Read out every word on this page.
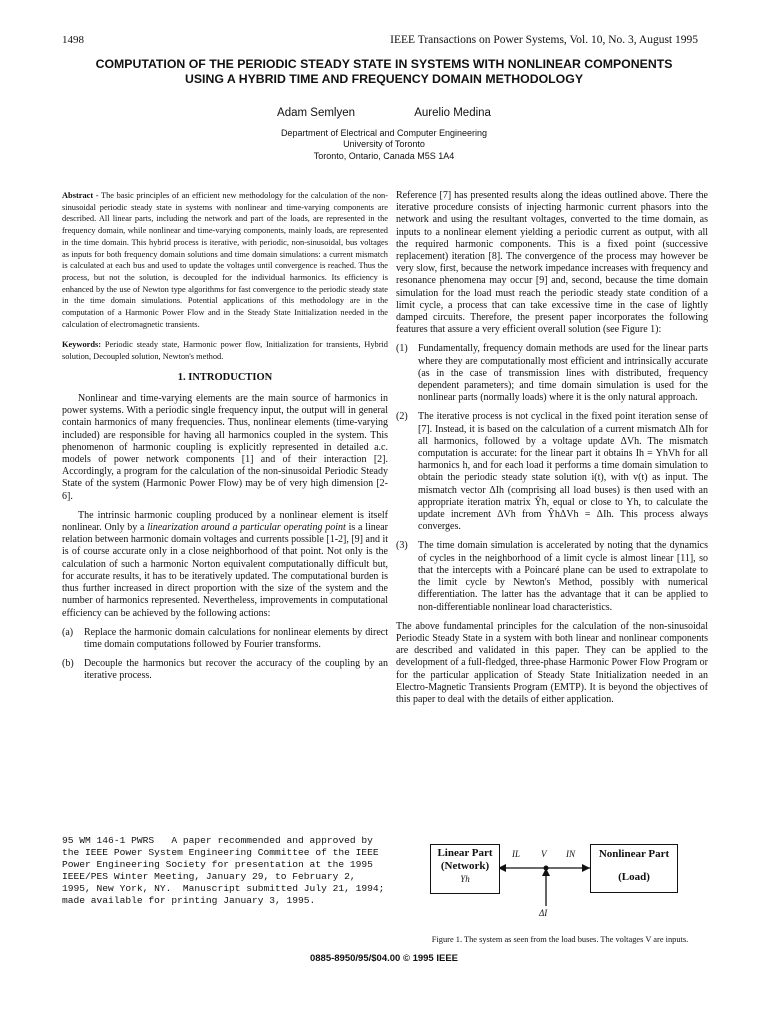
1498	IEEE Transactions on Power Systems, Vol. 10, No. 3, August 1995
COMPUTATION OF THE PERIODIC STEADY STATE IN SYSTEMS WITH NONLINEAR COMPONENTS
USING A HYBRID TIME AND FREQUENCY DOMAIN METHODOLOGY
Adam Semlyen	Aurelio Medina
Department of Electrical and Computer Engineering
University of Toronto
Toronto, Ontario, Canada M5S 1A4

Abstract - The basic principles of an efficient new methodology for the calculation of the non-sinusoidal periodic steady state in systems with nonlinear and time-varying components are described. All linear parts, including the network and part of the loads, are represented in the frequency domain, while nonlinear and time-varying components, mainly loads, are represented in the time domain. This hybrid process is iterative, with periodic, non-sinusoidal, bus voltages as inputs for both frequency domain solutions and time domain simulations: a current mismatch is calculated at each bus and used to update the voltages until convergence is reached. Thus the process, but not the solution, is decoupled for the individual harmonics. Its efficiency is enhanced by the use of Newton type algorithms for fast convergence to the periodic steady state in the time domain simulations. Potential applications of this methodology are in the computation of a Harmonic Power Flow and in the Steady State Initialization needed in the calculation of electromagnetic transients.

Keywords: Periodic steady state, Harmonic power flow, Initialization for transients, Hybrid solution, Decoupled solution, Newton's method.

1. INTRODUCTION

Nonlinear and time-varying elements are the main source of harmonics in power systems. With a periodic single frequency input, the output will in general contain harmonics of many frequencies. Thus, nonlinear elements (time-varying included) are responsible for having all harmonics coupled in the system. This phenomenon of harmonic coupling is explicitly represented in detailed a.c. models of power network components [1] and of their interaction [2]. Accordingly, a program for the calculation of the non-sinusoidal Periodic Steady State of the system (Harmonic Power Flow) may be of very high dimension [2-6].

The intrinsic harmonic coupling produced by a nonlinear element is itself nonlinear. Only by a linearization around a particular operating point is a linear relation between harmonic domain voltages and currents possible [1-2], [9] and it is of course accurate only in a close neighborhood of that point. Not only is the calculation of such a harmonic Norton equivalent computationally difficult but, for accurate results, it has to be iteratively updated. The computational burden is thus further increased in direct proportion with the size of the system and the number of harmonics represented. Nevertheless, improvements in computational efficiency can be achieved by the following actions:

(a)	Replace the harmonic domain calculations for nonlinear elements by direct time domain computations followed by Fourier transforms.
(b)	Decouple the harmonics but recover the accuracy of the coupling by an iterative process.
95 WM 146-1 PWRS   A paper recommended and approved by the IEEE Power System Engineering Committee of the IEEE Power Engineering Society for presentation at the 1995 IEEE/PES Winter Meeting, January 29, to February 2, 1995, New York, NY.  Manuscript submitted July 21, 1994; made available for printing January 3, 1995.

Reference [7] has presented results along the ideas outlined above. There the iterative procedure consists of injecting harmonic current phasors into the network and using the resultant voltages, converted to the time domain, as inputs to a nonlinear element yielding a periodic current as output, with all the required harmonic components. This is a fixed point (successive replacement) iteration [8]. The convergence of the process may however be very slow, first, because the network impedance increases with frequency and resonance phenomena may occur [9] and, second, because the time domain simulation for the load must reach the periodic steady state condition of a limit cycle, a process that can take excessive time in the case of lightly damped circuits. Therefore, the present paper incorporates the following features that assure a very efficient overall solution (see Figure 1):

(1)	Fundamentally, frequency domain methods are used for the linear parts where they are computationally most efficient and intrinsically accurate (as in the case of transmission lines with distributed, frequency dependent parameters); and time domain simulation is used for the nonlinear parts (normally loads) where it is the only natural approach.
(2)	The iterative process is not cyclical in the fixed point iteration sense of [7]. Instead, it is based on the calculation of a current mismatch ΔIh for all harmonics, followed by a voltage update ΔVh. The mismatch computation is accurate: for the linear part it obtains Ih = YhVh for all harmonics h, and for each load it performs a time domain simulation to obtain the periodic steady state solution i(t), with v(t) as input. The mismatch vector ΔIh (comprising all load buses) is then used with an appropriate iteration matrix Ŷh, equal or close to Yh, to calculate the update increment ΔVh from ŶhΔVh = ΔIh. This process always converges.
(3)	The time domain simulation is accelerated by noting that the dynamics of cycles in the neighborhood of a limit cycle is almost linear [11], so that the intercepts with a Poincaré plane can be used to extrapolate to the limit cycle by Newton's Method, possibly with numerical differentiation. The latter has the advantage that it can be applied to non-differentiable nonlinear load characteristics.

The above fundamental principles for the calculation of the non-sinusoidal Periodic Steady State in a system with both linear and nonlinear components are described and validated in this paper. They can be applied to the development of a full-fledged, three-phase Harmonic Power Flow Program or for the particular application of Steady State Initialization needed in an Electro-Magnetic Transients Program (EMTP). It is beyond the objectives of this paper to deal with the details of either application.

Linear Part
(Network)
Yh
Nonlinear Part
(Load)
IL V IN
ΔI
Figure 1. The system as seen from the load buses. The voltages V are inputs.
0885-8950/95/$04.00 © 1995 IEEE
